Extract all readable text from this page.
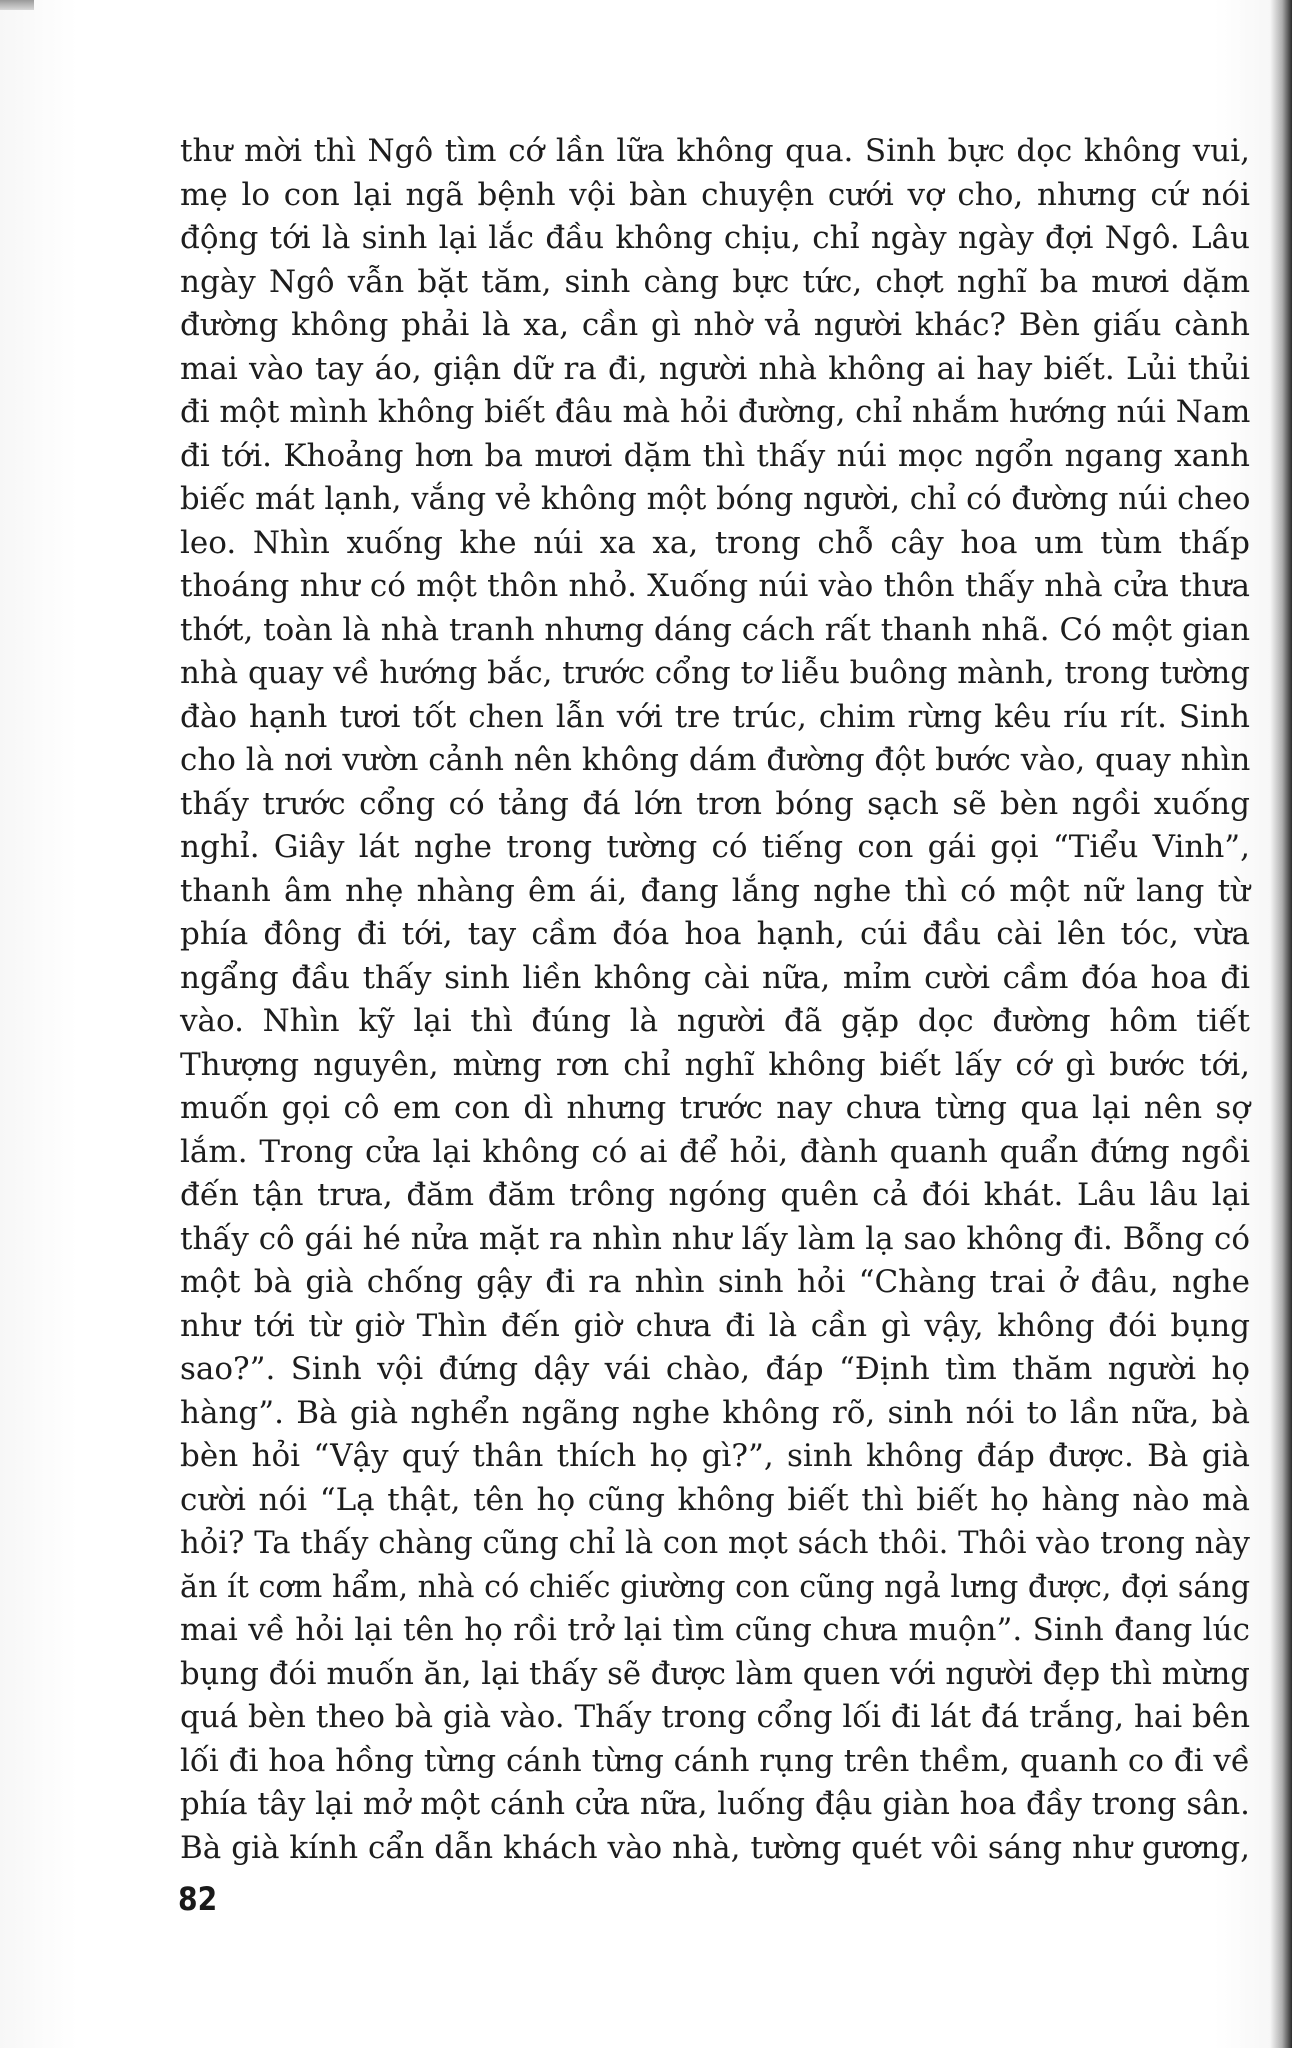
thư mời thì Ngô tìm cớ lần lữa không qua. Sinh bực dọc không vui,
mẹ lo con lại ngã bệnh vội bàn chuyện cưới vợ cho, nhưng cứ nói
động tới là sinh lại lắc đầu không chịu, chỉ ngày ngày đợi Ngô. Lâu
ngày Ngô vẫn bặt tăm, sinh càng bực tức, chợt nghĩ ba mươi dặm
đường không phải là xa, cần gì nhờ vả người khác? Bèn giấu cành
mai vào tay áo, giận dữ ra đi, người nhà không ai hay biết. Lủi thủi
đi một mình không biết đâu mà hỏi đường, chỉ nhắm hướng núi Nam
đi tới. Khoảng hơn ba mươi dặm thì thấy núi mọc ngổn ngang xanh
biếc mát lạnh, vắng vẻ không một bóng người, chỉ có đường núi cheo
leo. Nhìn xuống khe núi xa xa, trong chỗ cây hoa um tùm thấp
thoáng như có một thôn nhỏ. Xuống núi vào thôn thấy nhà cửa thưa
thớt, toàn là nhà tranh nhưng dáng cách rất thanh nhã. Có một gian
nhà quay về hướng bắc, trước cổng tơ liễu buông mành, trong tường
đào hạnh tươi tốt chen lẫn với tre trúc, chim rừng kêu ríu rít. Sinh
cho là nơi vườn cảnh nên không dám đường đột bước vào, quay nhìn
thấy trước cổng có tảng đá lớn trơn bóng sạch sẽ bèn ngồi xuống
nghỉ. Giây lát nghe trong tường có tiếng con gái gọi “Tiểu Vinh”,
thanh âm nhẹ nhàng êm ái, đang lắng nghe thì có một nữ lang từ
phía đông đi tới, tay cầm đóa hoa hạnh, cúi đầu cài lên tóc, vừa
ngẩng đầu thấy sinh liền không cài nữa, mỉm cười cầm đóa hoa đi
vào. Nhìn kỹ lại thì đúng là người đã gặp dọc đường hôm tiết
Thượng nguyên, mừng rơn chỉ nghĩ không biết lấy cớ gì bước tới,
muốn gọi cô em con dì nhưng trước nay chưa từng qua lại nên sợ
lắm. Trong cửa lại không có ai để hỏi, đành quanh quẩn đứng ngồi
đến tận trưa, đăm đăm trông ngóng quên cả đói khát. Lâu lâu lại
thấy cô gái hé nửa mặt ra nhìn như lấy làm lạ sao không đi. Bỗng có
một bà già chống gậy đi ra nhìn sinh hỏi “Chàng trai ở đâu, nghe
như tới từ giờ Thìn đến giờ chưa đi là cần gì vậy, không đói bụng
sao?”. Sinh vội đứng dậy vái chào, đáp “Định tìm thăm người họ
hàng”. Bà già nghển ngãng nghe không rõ, sinh nói to lần nữa, bà
bèn hỏi “Vậy quý thân thích họ gì?”, sinh không đáp được. Bà già
cười nói “Lạ thật, tên họ cũng không biết thì biết họ hàng nào mà
hỏi? Ta thấy chàng cũng chỉ là con mọt sách thôi. Thôi vào trong này
ăn ít cơm hẩm, nhà có chiếc giường con cũng ngả lưng được, đợi sáng
mai về hỏi lại tên họ rồi trở lại tìm cũng chưa muộn”. Sinh đang lúc
bụng đói muốn ăn, lại thấy sẽ được làm quen với người đẹp thì mừng
quá bèn theo bà già vào. Thấy trong cổng lối đi lát đá trắng, hai bên
lối đi hoa hồng từng cánh từng cánh rụng trên thềm, quanh co đi về
phía tây lại mở một cánh cửa nữa, luống đậu giàn hoa đầy trong sân.
Bà già kính cẩn dẫn khách vào nhà, tường quét vôi sáng như gương,
82
